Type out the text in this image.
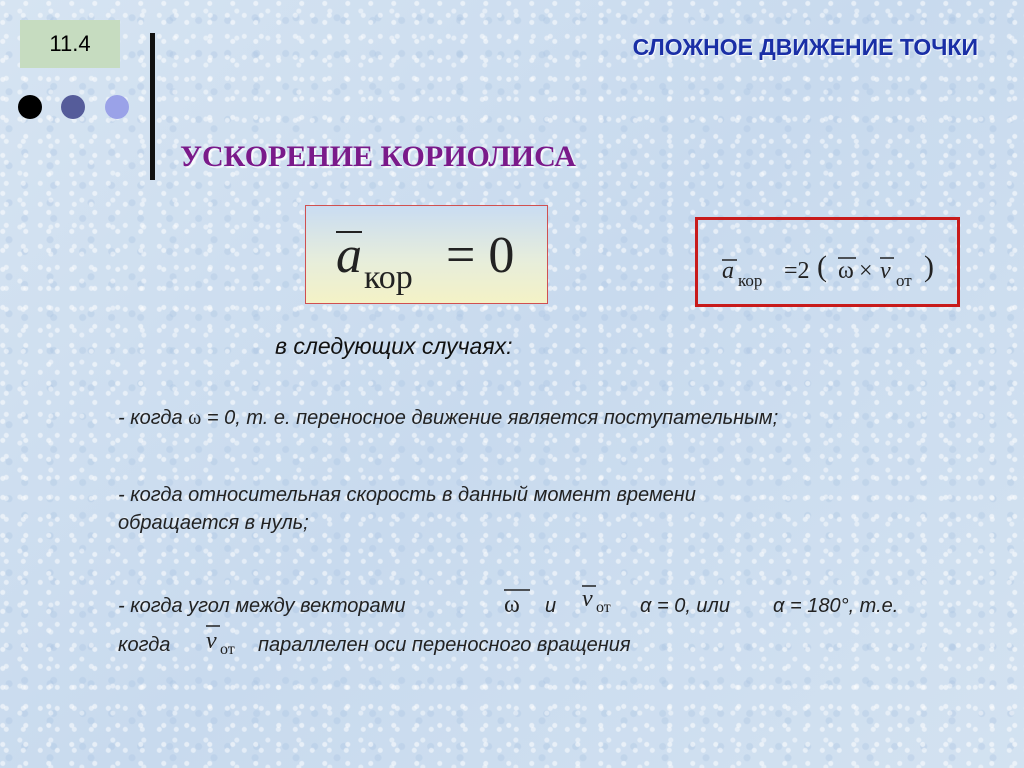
11.4	СЛОЖНОЕ ДВИЖЕНИЕ ТОЧКИ
УСКОРЕНИЕ КОРИОЛИСА
a кор = 0	a кор =2 ( ω × v от )
в следующих случаях:
- когда ω = 0, т. е. переносное движение является поступательным;
- когда относительная скорость в данный момент времени
обращается в нуль;
- когда угол между векторами	ω и v от α = 0, или α = 180°, т.е.
когда v от параллелен оси переносного вращения
